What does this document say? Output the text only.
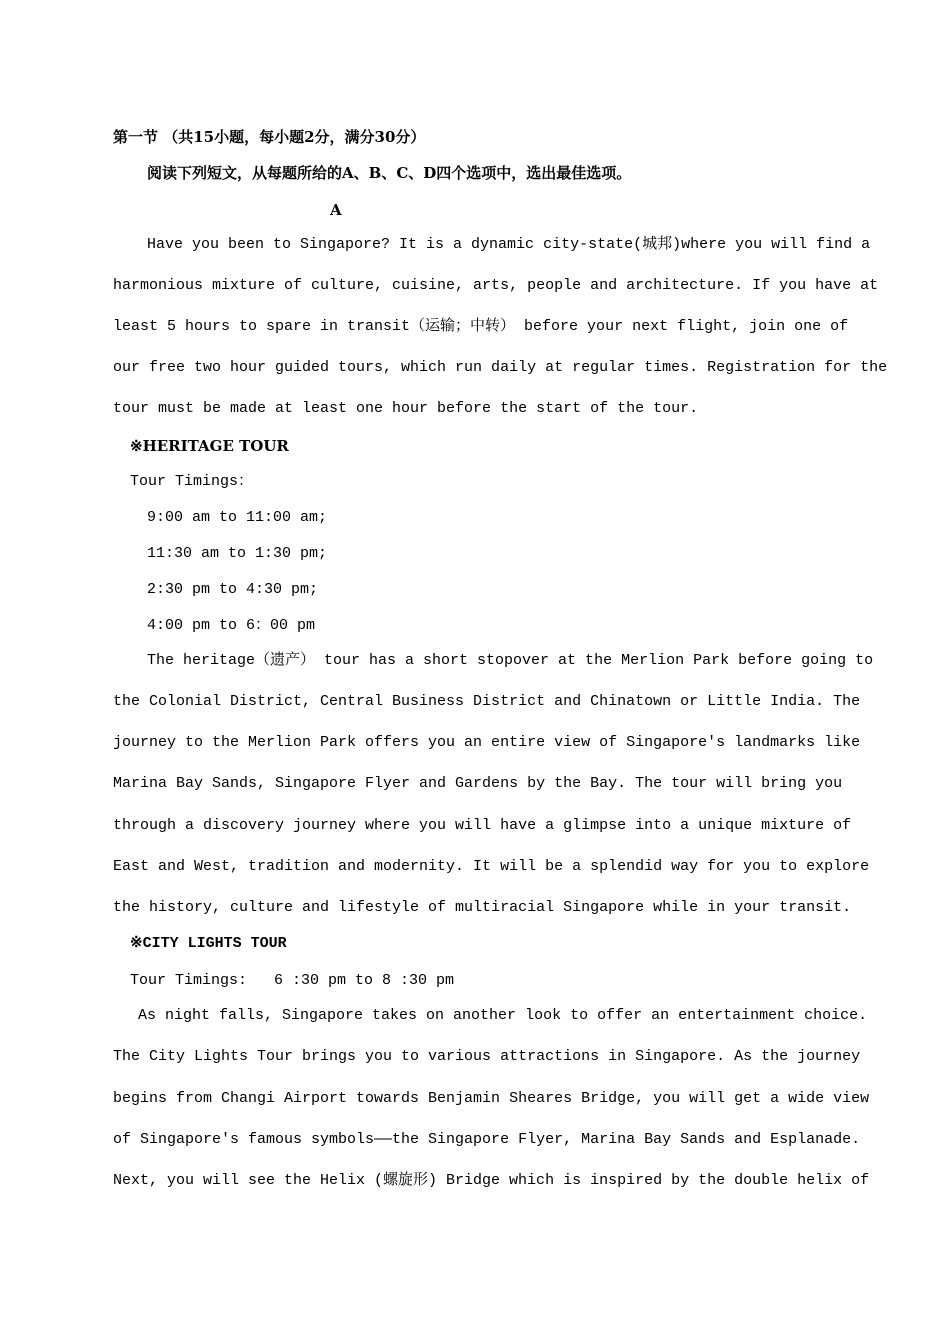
第一节 （共15小题，每小题2分，满分30分）
阅读下列短文，从每题所给的A、B、C、D四个选项中，选出最佳选项。
A
Have you been to Singapore? It is a dynamic city-state(城邦)where you will find a
harmonious mixture of culture, cuisine, arts, people and architecture. If you have at
least 5 hours to spare in transit（运输；中转） before your next flight, join one of
our free two hour guided tours, which run daily at regular times. Registration for the
tour must be made at least one hour before the start of the tour.
※HERITAGE TOUR
Tour Timings：
9:00 am to 11:00 am;
11:30 am to 1:30 pm;
2:30 pm to 4:30 pm;
4:00 pm to 6：00 pm
The heritage（遗产） tour has a short stopover at the Merlion Park before going to
the Colonial District, Central Business District and Chinatown or Little India. The
journey to the Merlion Park offers you an entire view of Singapore's landmarks like
Marina Bay Sands, Singapore Flyer and Gardens by the Bay. The tour will bring you
through a discovery journey where you will have a glimpse into a unique mixture of
East and West, tradition and modernity. It will be a splendid way for you to explore
the history, culture and lifestyle of multiracial Singapore while in your transit.
※CITY LIGHTS TOUR
Tour Timings:   6 :30 pm to 8 :30 pm
As night falls, Singapore takes on another look to offer an entertainment choice.
The City Lights Tour brings you to various attractions in Singapore. As the journey
begins from Changi Airport towards Benjamin Sheares Bridge, you will get a wide view
of Singapore's famous symbols——the Singapore Flyer, Marina Bay Sands and Esplanade.
Next, you will see the Helix (螺旋形) Bridge which is inspired by the double helix of
